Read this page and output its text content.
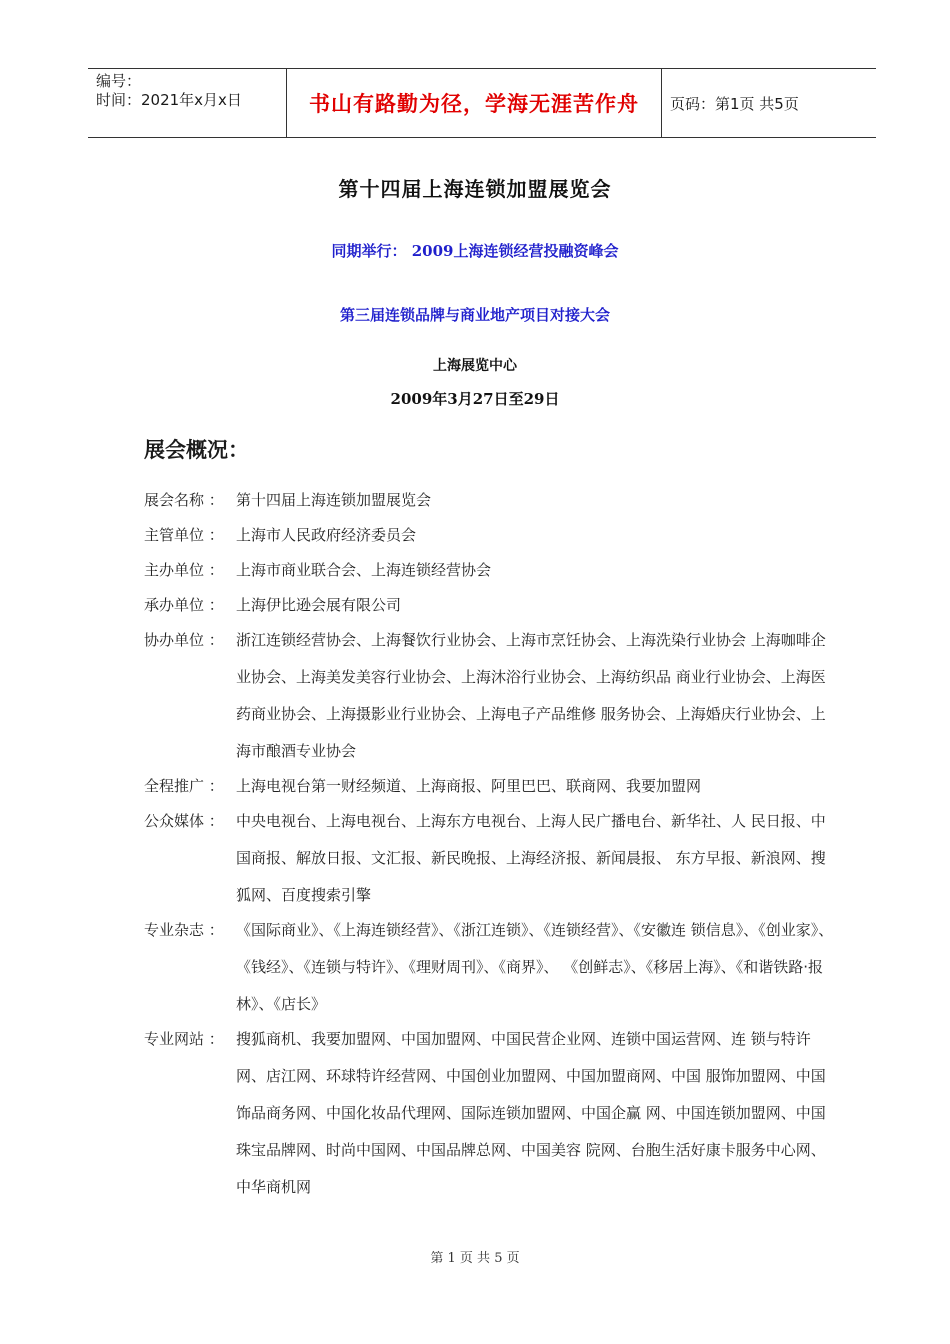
编号：
时间：2021年x月x日	书山有路勤为径，学海无涯苦作舟	页码：第1页 共5页
第十四届上海连锁加盟展览会
同期举行： 2009上海连锁经营投融资峰会
第三届连锁品牌与商业地产项目对接大会
上海展览中心
2009年3月27日至29日
展会概况：
展会名称 ： 第十四届上海连锁加盟展览会
主管单位 ： 上海市人民政府经济委员会
主办单位 ： 上海市商业联合会、上海连锁经营协会
承办单位 ： 上海伊比逊会展有限公司
协办单位 ： 浙江连锁经营协会、上海餐饮行业协会、上海市烹饪协会、上海洗染行业协会 上海咖啡企业协会、上海美发美容行业协会、上海沐浴行业协会、上海纺织品 商业行业协会、上海医药商业协会、上海摄影业行业协会、上海电子产品维修 服务协会、上海婚庆行业协会、上海市酿酒专业协会
全程推广 ： 上海电视台第一财经频道、上海商报、阿里巴巴、联商网、我要加盟网
公众媒体 ： 中央电视台、上海电视台、上海东方电视台、上海人民广播电台、新华社、人 民日报、中国商报、解放日报、文汇报、新民晚报、上海经济报、新闻晨报、 东方早报、新浪网、搜狐网、百度搜索引擎
专业杂志 ： 《国际商业》、《上海连锁经营》、《浙江连锁》、《连锁经营》、《安徽连 锁信息》、《创业家》、《钱经》、《连锁与特许》、《理财周刊》、《商界》、 《创鲜志》、《移居上海》、《和谐铁路·报林》、《店长》
专业网站 ： 搜狐商机、我要加盟网、中国加盟网、中国民营企业网、连锁中国运营网、连 锁与特许网、店江网、环球特许经营网、中国创业加盟网、中国加盟商网、中国 服饰加盟网、中国饰品商务网、中国化妆品代理网、国际连锁加盟网、中国企赢 网、中国连锁加盟网、中国珠宝品牌网、时尚中国网、中国品牌总网、中国美容 院网、台胞生活好康卡服务中心网、中华商机网
第 1 页 共 5 页
